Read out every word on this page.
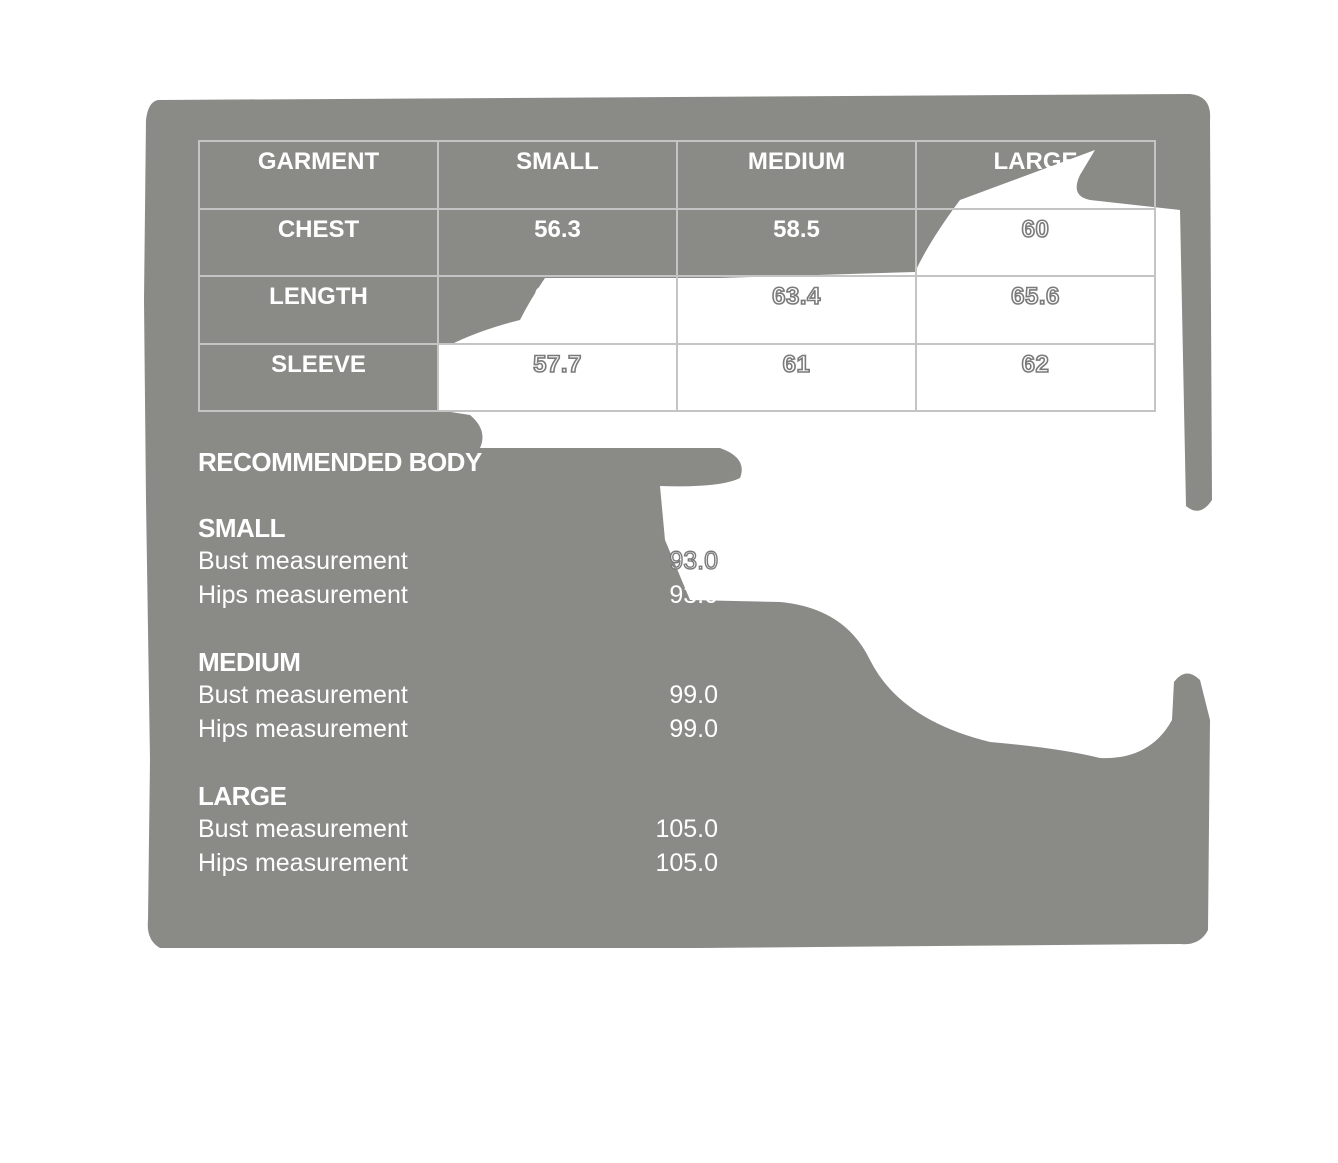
GARMENT	SMALL	MEDIUM	LARGE
CHEST	56.3	58.5	60
LENGTH	60.5	63.4	65.6
SLEEVE	57.7	61	62
RECOMMENDED BODY
SMALL
Bust measurement	93.0
Hips measurement	93.0
MEDIUM
Bust measurement	99.0
Hips measurement	99.0
LARGE
Bust measurement	105.0
Hips measurement	105.0
